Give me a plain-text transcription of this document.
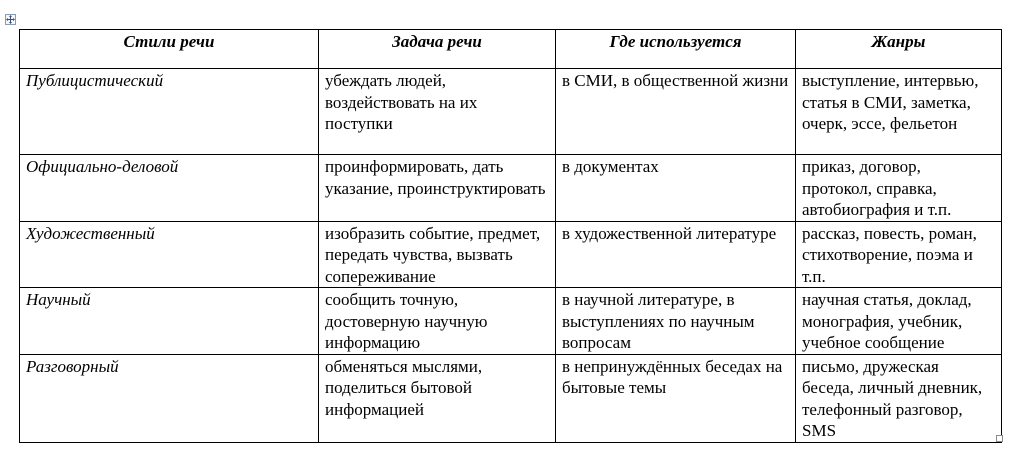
Стили речи	Задача речи	Где используется	Жанры
Публицистический	убеждать людей, воздействовать на их поступки	в СМИ, в общественной жизни	выступление, интервью, статья в СМИ, заметка, очерк, эссе, фельетон
Официально-деловой	проинформировать, дать указание, проинструктировать	в документах	приказ, договор, протокол, справка, автобиография и т.п.
Художественный	изобразить событие, предмет, передать чувства, вызвать сопереживание	в художественной литературе	рассказ, повесть, роман, стихотворение, поэма и т.п.
Научный	сообщить точную, достоверную научную информацию	в научной литературе, в выступлениях по научным вопросам	научная статья, доклад, монография, учебник, учебное сообщение
Разговорный	обменяться мыслями, поделиться бытовой информацией	в непринуждённых беседах на бытовые темы	письмо, дружеская беседа, личный дневник, телефонный разговор, SMS
